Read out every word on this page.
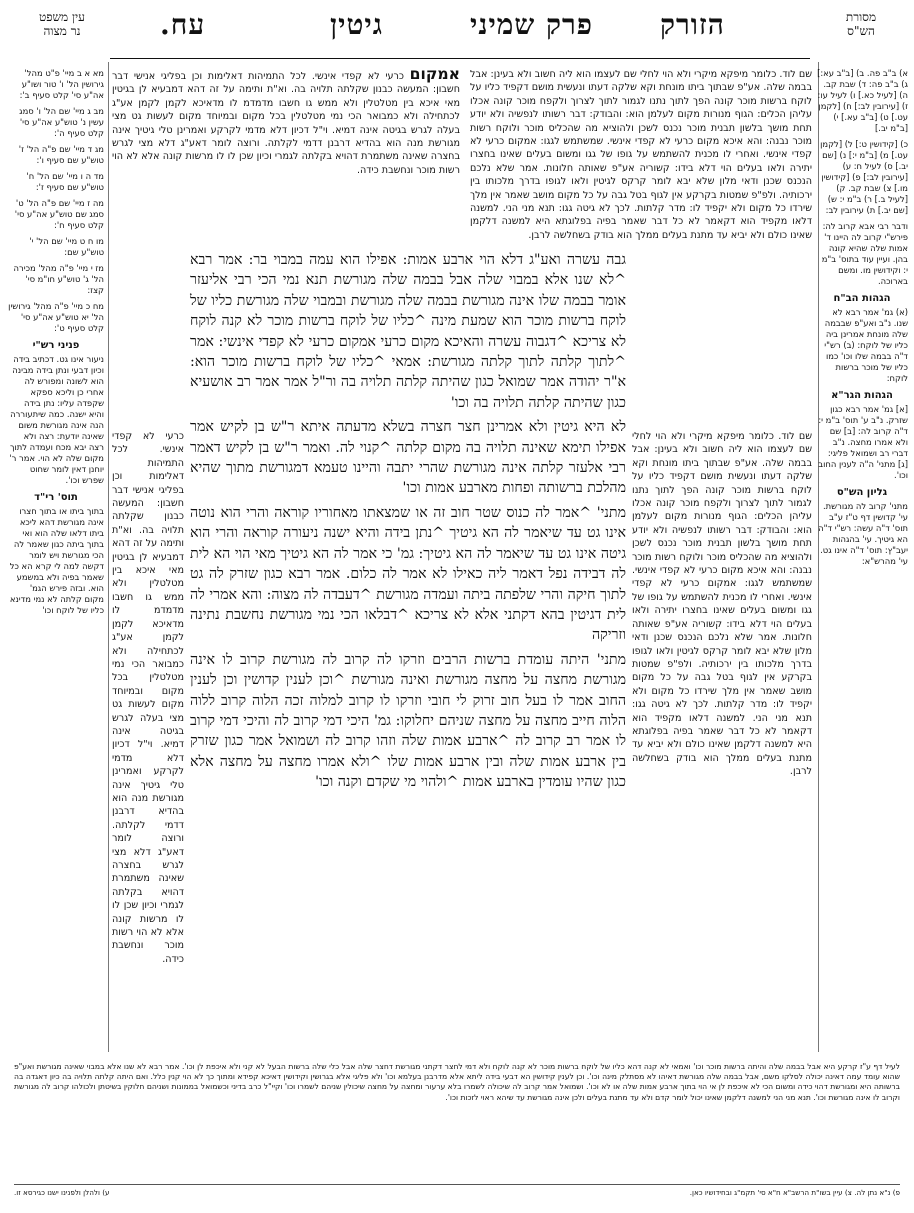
עין משפט
נר מצוה	עח.	גיטין	פרק שמיני הזורק	מסורת
הש"ס
א) ב"ב פה. ב) [ב"ב עא:] ג) ב"ב פה: ד) שבת קב. ה) [לעיל כא.] ו) לעיל עו: ז) [עירובין לב:] ח) [לקמן עט.] ט) [ב"ב עא.] י) [ב"מ יב.]
כ) [קידושין ט:] ל) [לקמן עט.] מ) [ב"מ י:] נ) [שם יב.] ס) לעיל ח: ע) [עירובין לב:] פ) [קידושין מו.] צ) שבת קב. ק) [לעיל ב.] ר) ב"מ י: ש) [שם יב.] ת) עירובין לב:
ודבר רבי אבא קרוב לה: פירש"י קרוב לה היינו ד' אמות שלה שהיא קונה בהן. ועיין עוד בתוס' ב"מ י: וקידושין מו. ומשם בארוכה.
הגהות הב"ח
(א) גמ' אמר רבא לא שנו. נ"ב ואע"פ שבבמה שלה מונחת אמרינן ביה כליו של לוקח: (ב) רש"י ד"ה בבמה שלו וכו' כמו כליו של מוכר ברשות לוקח:
הגהות הגר"א
[א] גמ' אמר רבא כגון שזרק. נ"ב ע' תוס' ב"מ י: ד"ה קרוב לה: [ב] שם ולא אמרו מחצה. נ"ב דברי רב ושמואל פליגי: [ג] מתני' ה"ה לענין החוב וכו'.
גליון הש"ס
מתני' קרוב לה מגורשת. עי' קדושין דף ט"ז ע"ב תוס' ד"ה עשה: רש"י ד"ה הא גיטיך. עי' בהגהות יעב"ץ: תוס' ד"ה אינו גט. עי' מהרש"א:
מא א ב מיי' פ"ט מהל' גירושין הל' ו' טור ושו"ע אה"ע סי' קלט סעיף ב':
מב ג מיי' שם הל' ו' סמג עשין נ' טוש"ע אה"ע סי' קלט סעיף ה':
מג ד מיי' שם פ"ה הל' ז' טוש"ע שם סעיף ו':
מד ה ו מיי' שם הל' ח' טוש"ע שם סעיף ז':
מה ז מיי' שם פ"ה הל' ט' סמג שם טוש"ע אה"ע סי' קלט סעיף ח':
מו ח ט מיי' שם הל' י' טוש"ע שם:
מז י מיי' פ"ה מהל' מכירה הל' ג' טוש"ע חו"מ סי' קצז:
מח כ מיי' פ"ה מהל' גירושין הל' יא טוש"ע אה"ע סי' קלט סעיף ט':
פניני רש"י
ניעור אינו גט. דכתיב בידה וכיון דבעי ונתן בידה מבינה הוא לשונה ומפורש לה אחרי כן וליכא ספקא שקפדה עליו: נתן בידה והיא ישנה. כמה שיתעוררה הנה אינה מגורשת משום שאינה יודעת: רצה ולא רצה יבא מכח ועמדה לתוך מקום שלה לא הוי. אמר ר' יוחנן דאין לומר שחוט שפרש וכו'.
תוס' רי"ד
בתוך ביתו או בתוך חצרו אינה מגורשת דהא ליכא ביתו דלאו שלה הוא ואי בתוך ביתה כגון שאמר לה הכי מגורשת ויש לומר דקשה למה לי קרא הא כל שאמר בפיה ולא במשמע הוא. ובזה פירש הגמ' מקום קלתה לא נמי מדינא כליו של לוקח וכו'

שם לוד. כלומר מיפקא מיקרי ולא הוי לחלי שם לעצמו הוא ליה חשוב ולא בעינן: אבל בבמה שלה. אע"פ שבתוך ביתו מונחת וקא שלקה דעתו ונעשית מושם דקפיד כליו על לוקח ברשות מוכר קונה הפך לתוך נתנו לגמור לתוך לצרוך ולקפח מוכר קונה אכלו עליהן הכלים: הגוף מנורות מקום לעלמן הוא: והבודק: דבר רשותו לנפשיה ולא יודע תחת מושך בלשון תבנית מוכר נכנס לשכן ולהוציא מה שהכליס מוכר ולוקח רשות מוכר נבנה: והא איכא מקום כרעי לא קפדי אינשי. שמשתמש לגגו: אמקום כרעי לא קפדי אינשי. ואחרי לו מכנית להשתמש על גופו של גגו ומשום בעלים שאינו בחצרו יתירה ולאו בעלים הוי דלא בידו: קשוריה אע"פ שאותה חלונות. אמר שלא נלכם הנכנס שכנן ודאי מלון שלא יבא לומר קרקס לגיטין ולאו לגופו בדרך מלכותו בין ירכותיה. ולפ"פ שמטות בקרקע אין לגוף בטל גבה על כל מקום מושב שאמר אין מלך שירדו כל מקום ולא יקפיד לו: מדר קלתות. לכך לא גיטה גגו: תנא מני הני. למשנה דלאו מקפיד הוא דקאמר לא כל דבר שאמר בפיה בפלוגתא היא למשנה דלקמן שאינו כולם ולא יביא עד מתנת בעלים ממלך הוא בודק בשחלשה לרבן.

אמקום כרעי לא קפדי אינשי. לכל התמיהות דאלימות וכן בפליגי אנישי דבר חשבון: המעשה כבנון שקלתה תלויה בה. וא"ת ותימה על זה דהא דמבעיא לן בגיטין מאי איכא בין מטלטלין ולא ממש גו חשבו מדמדמ לו מדאיכא לקמן לקמן אע"ג לכתחילה ולא כמבואר הכי נמי מטלטלין בכל מקום ובמיוחד מקום לעשות גט מצי בעלה לגרש בגיטה אינה דמיא. וי"ל דכיון דלא מדמי לקרקע ואמרינן טלי גיטיך אינה מגורשת מנה הוא בהדיא דרבנן דדמי לקלתה. ורוצה לומר דאע"ג דלא מצי לגרש בחצרה שאינה משתמרת דהויא בקלתה לגמרי וכיון שכן לו לו מרשות קונה אלא לא הוי רשות מוכר ונחשבת כידה.

שם לוד. כלומר מיפקא מיקרי ולא הוי לחלי שם לעצמו הוא ליה חשוב ולא בעינן: אבל בבמה שלה. אע"פ שבתוך ביתו מונחת וקא שלקה דעתו ונעשית מושם דקפיד כליו על לוקח ברשות מוכר קונה הפך לתוך נתנו לגמור לתוך לצרוך ולקפח מוכר קונה אכלו עליהן הכלים: הגוף מנורות מקום לעלמן הוא: והבודק: דבר רשותו לנפשיה ולא יודע תחת מושך בלשון תבנית מוכר נכנס לשכן ולהוציא מה שהכליס מוכר ולוקח רשות מוכר נבנה: והא איכא מקום כרעי לא קפדי אינשי. שמשתמש לגגו: אמקום כרעי לא קפדי אינשי. ואחרי לו מכנית להשתמש על גופו של גגו ומשום בעלים שאינו בחצרו יתירה ולאו בעלים הוי דלא בידו: קשוריה אע"פ שאותה חלונות. אמר שלא נלכם הנכנס שכנן ודאי מלון שלא יבא לומר קרקס לגיטין ולאו לגופו בדרך מלכותו בין ירכותיה. ולפ"פ שמטות בקרקע אין לגוף בטל גבה על כל מקום מושב שאמר אין מלך שירדו כל מקום ולא יקפיד לו: מדר קלתות. לכך לא גיטה גגו: תנא מני הני. למשנה דלאו מקפיד הוא דקאמר לא כל דבר שאמר בפיה בפלוגתא היא למשנה דלקמן שאינו כולם ולא יביא עד מתנת בעלים ממלך הוא בודק בשחלשה לרבן.

כרעי לא קפדי אינשי. לכל התמיהות דאלימות וכן בפליגי אנישי דבר חשבון: המעשה כבנון שקלתה תלויה בה. וא"ת ותימה על זה דהא דמבעיא לן בגיטין מאי איכא בין מטלטלין ולא ממש גו חשבו מדמדמ לו מדאיכא לקמן לקמן אע"ג לכתחילה ולא כמבואר הכי נמי מטלטלין בכל מקום ובמיוחד מקום לעשות גט מצי בעלה לגרש בגיטה אינה דמיא. וי"ל דכיון דלא מדמי לקרקע ואמרינן טלי גיטיך אינה מגורשת מנה הוא בהדיא דרבנן דדמי לקלתה. ורוצה לומר דאע"ג דלא מצי לגרש בחצרה שאינה משתמרת דהויא בקלתה לגמרי וכיון שכן לו לו מרשות קונה אלא לא הוי רשות מוכר ונחשבת כידה.

גבה עשרה ואע"ג דלא הוי ארבע אמות: אפילו הוא עמה במבוי בר: אמר רבא ^לא שנו אלא במבוי שלה אבל בבמה שלה מגורשת תנא נמי הכי רבי אליעזר אומר בבמה שלו אינה מגורשת בבמה שלה מגורשת ובמבוי שלה מגורשת כליו של לוקח ברשות מוכר הוא שמעת מינה ^כליו של לוקח ברשות מוכר לא קנה לוקח לא צריכא ^דגבוה עשרה והאיכא מקום כרעי אמקום כרעי לא קפדי אינשי: אמר ^לתוך קלתה לתוך קלתה מגורשת: אמאי ^כליו של לוקח ברשות מוכר הוא: א"ר יהודה אמר שמואל כגון שהיתה קלתה תלויה בה ור"ל אמר אמר רב אושעיא כגון שהיתה קלתה תלויה בה וכו'

לא היא גיטין ולא אמרינן חצר חצרה בשלא מדעתה איתא ר"ש בן לקיש אמר אפילו תימא שאינה תלויה בה מקום קלתה ^קנוי לה. ואמר ר"ש בן לקיש דאמר רבי אלעזר קלתה אינה מגורשת שהרי יתבה והיינו טעמא דמגורשת מתוך שהיא מהלכת ברשותה ופחות מארבע אמות וכו'

מתני' ^אמר לה כנוס שטר חוב זה או שמצאתו מאחוריו קוראה והרי הוא נוטה אינו גט עד שיאמר לה הא גיטיך ^נתן בידה והיא ישנה ניעורה קוראה והרי הוא גיטה אינו גט עד שיאמר לה הא גיטיך: גמ' כי אמר לה הא גיטיך מאי הוי הא לית לה דבידה נפל דאמר ליה כאילו לא אמר לה כלום. אמר רבא כגון שזרק לה גט לתוך חיקה והרי שלפתה ביתה ועמדה מגורשת ^דעבדה לה מצוה: והא אמרי לה לית דגיטין בהא דקתני אלא לא צריכא ^דבלאו הכי נמי מגורשת נחשבת נתינה וזריקה

מתני' היתה עומדת ברשות הרבים וזרקו לה קרוב לה מגורשת קרוב לו אינה מגורשת מחצה על מחצה מגורשת ואינה מגורשת ^וכן לענין קדושין וכן לענין החוב אמר לו בעל חוב זרוק לי חובי וזרקו לו קרוב למלוה זכה הלוה קרוב ללוה הלוה חייב מחצה על מחצה שניהם יחלוקו: גמ' היכי דמי קרוב לה והיכי דמי קרוב לו אמר רב קרוב לה ^ארבע אמות שלה וזהו קרוב לה ושמואל אמר כגון שזרק בין ארבע אמות שלה ובין ארבע אמות שלו ^ולא אמרו מחצה על מחצה אלא כגון שהיו עומדין בארבע אמות ^ולהוי מי שקדם וקנה וכו'

לעיל דף ע"ז קרקע היא אבל בבמה שלה והיתה ברשות מוכר וכו' ואמאי לא קנה דהא כליו של לוקח ברשות מוכר לא קנה לוקח ולא דמי לחצר דקתני מגורשת דחצר שלה אבל כלי שלה ברשות הבעל לא קני ולא איכפת לן וכו'. אמר רבא לא שנו אלא במבוי שאינה מגורשת ואע"פ שהוא עומד עמה דאינה יכולה לסלקו משם, אבל בבמה שלה מגורשת דאיהו לא מסתלק מינה וכו'. וכן לענין קידושין הא דבעי בידה ליתא אלא מדרבנן בעלמא וכו' ולא פליגי אלא בגרושין וקידושין דאיכא קפידא ומתוך כך לא הוי קנין כלל. ואם היתה קלתה תלויה בה כיון דאגדה בה ברשותה היא ומגורשת דהוי כידה ומשום הכי לא איכפת לן אי הוי בתוך ארבע אמות שלה או לא וכו'. ושמואל אמר קרוב לה שיכולה לשמרו בלא ערעור ומחצה על מחצה שיכולין שניהם לשמרו וכו' וקיי"ל כרב בדיני וכשמואל בממונות ושניהם חלוקין בשיטתן ולכולהו קרוב לה מגורשת וקרוב לו אינה מגורשת וכו'. תנא מני הני למשנה דלקמן שאינו יכול לומר קדם ולא עד מתנת בעלים ולכן אינה מגורשת עד שיהא ראוי לזכות וכו'.
פ) נ"א נתן לה. צ) עיין בשו"ת הרשב"א ח"א סי' תקמ"ג ובחידושיו כאן.
ע) ולהלן ולפנינו ישנו כגירסא זו.
